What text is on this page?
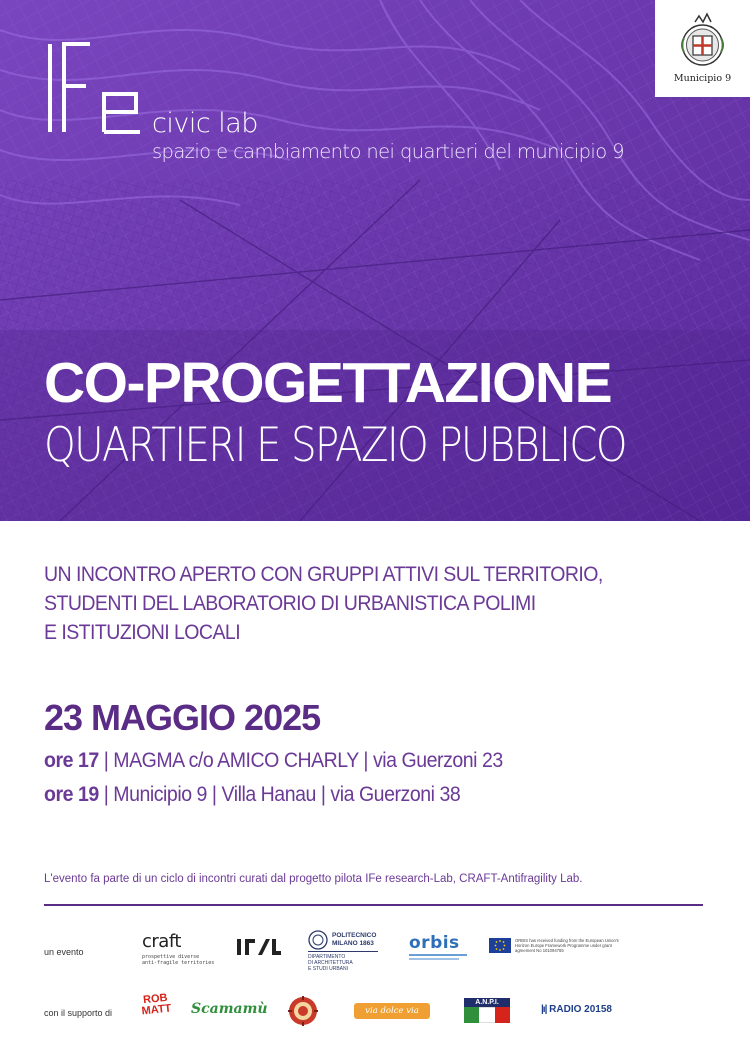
civic lab
spazio e cambiamento nei quartieri del municipio 9
Municipio 9
CO-PROGETTAZIONE
QUARTIERI E SPAZIO PUBBLICO
UN INCONTRO APERTO CON GRUPPI ATTIVI SUL TERRITORIO,
STUDENTI DEL LABORATORIO DI URBANISTICA POLIMI
E ISTITUZIONI LOCALI
23 MAGGIO 2025
ore 17 | MAGMA c/o AMICO CHARLY | via Guerzoni 23
ore 19 | Municipio 9 | Villa Hanau | via Guerzoni 38
L'evento fa parte di un ciclo di incontri curati dal progetto pilota IFe research-Lab, CRAFT-Antifragility Lab.
un evento	craft
prospettive diverse
anti-fragile territories
POLITECNICO
MILANO 1863
DIPARTIMENTO
DI ARCHITETTURA
E STUDI URBANI
orbis	ORBIS has received funding from the European Union's Horizon Europe Framework Programme under grant agreement No 101094765
con il supporto di
ROB MATT Scamamù	via dolce via
A.N.P.I.
|ı| RADIO 20158
